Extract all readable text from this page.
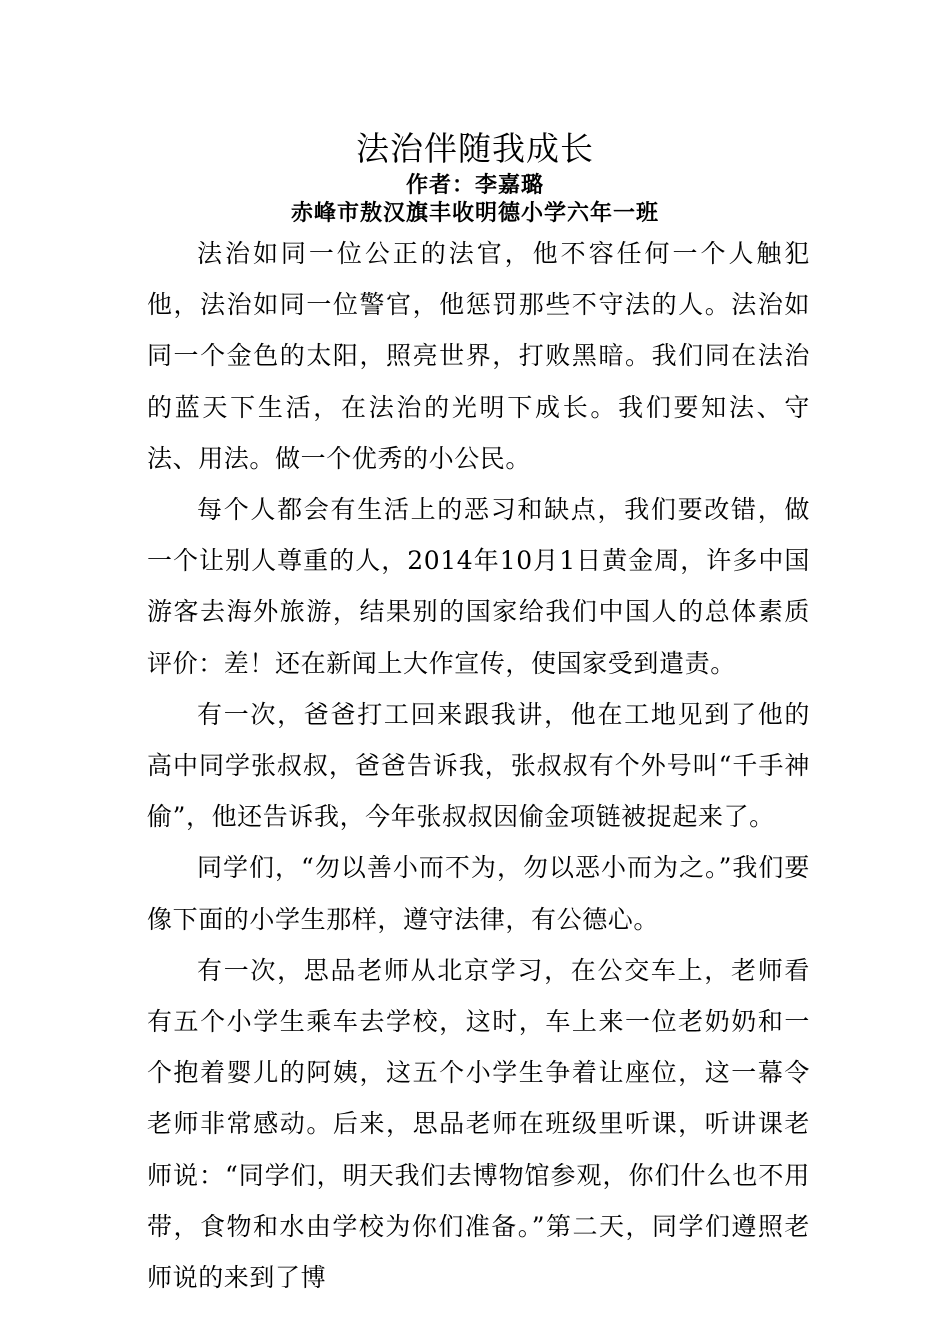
法治伴随我成长
作者：李嘉璐
赤峰市敖汉旗丰收明德小学六年一班

法治如同一位公正的法官，他不容任何一个人触犯他，法治如同一位警官，他惩罚那些不守法的人。法治如同一个金色的太阳，照亮世界，打败黑暗。我们同在法治的蓝天下生活，在法治的光明下成长。我们要知法、守法、用法。做一个优秀的小公民。

每个人都会有生活上的恶习和缺点，我们要改错，做一个让别人尊重的人，2014年10月1日黄金周，许多中国游客去海外旅游，结果别的国家给我们中国人的总体素质评价：差！还在新闻上大作宣传，使国家受到遣责。

有一次，爸爸打工回来跟我讲，他在工地见到了他的高中同学张叔叔，爸爸告诉我，张叔叔有个外号叫“千手神偷”，他还告诉我，今年张叔叔因偷金项链被捉起来了。

同学们，“勿以善小而不为，勿以恶小而为之。”我们要像下面的小学生那样，遵守法律，有公德心。

有一次，思品老师从北京学习，在公交车上，老师看有五个小学生乘车去学校，这时，车上来一位老奶奶和一个抱着婴儿的阿姨，这五个小学生争着让座位，这一幕令老师非常感动。后来，思品老师在班级里听课，听讲课老师说：“同学们，明天我们去博物馆参观，你们什么也不用带，食物和水由学校为你们准备。”第二天，同学们遵照老师说的来到了博
